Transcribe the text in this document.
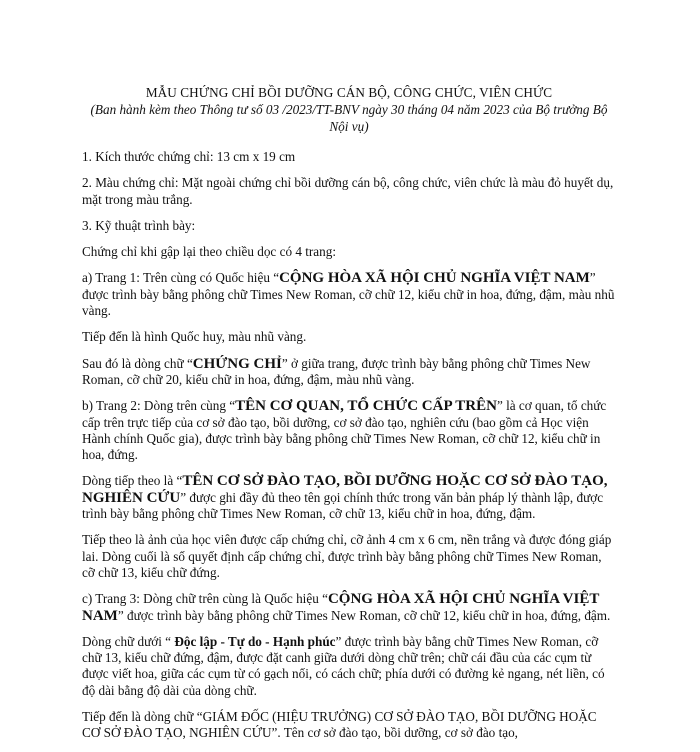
MẪU CHỨNG CHỈ BỒI DƯỠNG CÁN BỘ, CÔNG CHỨC, VIÊN CHỨC
(Ban hành kèm theo Thông tư số 03 /2023/TT-BNV ngày 30 tháng 04 năm 2023 của Bộ trưởng Bộ Nội vụ)

1. Kích thước chứng chỉ: 13 cm x 19 cm

2. Màu chứng chỉ: Mặt ngoài chứng chỉ bồi dưỡng cán bộ, công chức, viên chức là màu đỏ huyết dụ, mặt trong màu trắng.

3. Kỹ thuật trình bày:

Chứng chỉ khi gập lại theo chiều dọc có 4 trang:

a) Trang 1: Trên cùng có Quốc hiệu “CỘNG HÒA XÃ HỘI CHỦ NGHĨA VIỆT NAM” được trình bày bằng phông chữ Times New Roman, cỡ chữ 12, kiểu chữ in hoa, đứng, đậm, màu nhũ vàng.

Tiếp đến là hình Quốc huy, màu nhũ vàng.

Sau đó là dòng chữ “CHỨNG CHỈ” ở giữa trang, được trình bày bằng phông chữ Times New Roman, cỡ chữ 20, kiểu chữ in hoa, đứng, đậm, màu nhũ vàng.

b) Trang 2: Dòng trên cùng “TÊN CƠ QUAN, TỔ CHỨC CẤP TRÊN” là cơ quan, tổ chức cấp trên trực tiếp của cơ sở đào tạo, bồi dưỡng, cơ sở đào tạo, nghiên cứu (bao gồm cả Học viện Hành chính Quốc gia), được trình bày bằng phông chữ Times New Roman, cỡ chữ 12, kiểu chữ in hoa, đứng.

Dòng tiếp theo là “TÊN CƠ SỞ ĐÀO TẠO, BỒI DƯỠNG HOẶC CƠ SỞ ĐÀO TẠO, NGHIÊN CỨU” được ghi đầy đủ theo tên gọi chính thức trong văn bản pháp lý thành lập, được trình bày bằng phông chữ Times New Roman, cỡ chữ 13, kiểu chữ in hoa, đứng, đậm.

Tiếp theo là ảnh của học viên được cấp chứng chỉ, cỡ ảnh 4 cm x 6 cm, nền trắng và được đóng giáp lai. Dòng cuối là số quyết định cấp chứng chỉ, được trình bày bằng phông chữ Times New Roman, cỡ chữ 13, kiểu chữ đứng.

c) Trang 3: Dòng chữ trên cùng là Quốc hiệu “CỘNG HÒA XÃ HỘI CHỦ NGHĨA VIỆT NAM” được trình bày bằng phông chữ Times New Roman, cỡ chữ 12, kiểu chữ in hoa, đứng, đậm.

Dòng chữ dưới “ Độc lập - Tự do - Hạnh phúc” được trình bày bằng chữ Times New Roman, cỡ chữ 13, kiểu chữ đứng, đậm, được đặt canh giữa dưới dòng chữ trên; chữ cái đầu của các cụm từ được viết hoa, giữa các cụm từ có gạch nối, có cách chữ; phía dưới có đường kẻ ngang, nét liền, có độ dài bằng độ dài của dòng chữ.

Tiếp đến là dòng chữ “GIÁM ĐỐC (HIỆU TRƯỞNG) CƠ SỞ ĐÀO TẠO, BỒI DƯỠNG HOẶC CƠ SỞ ĐÀO TẠO, NGHIÊN CỨU”. Tên cơ sở đào tạo, bồi dưỡng, cơ sở đào tạo,
